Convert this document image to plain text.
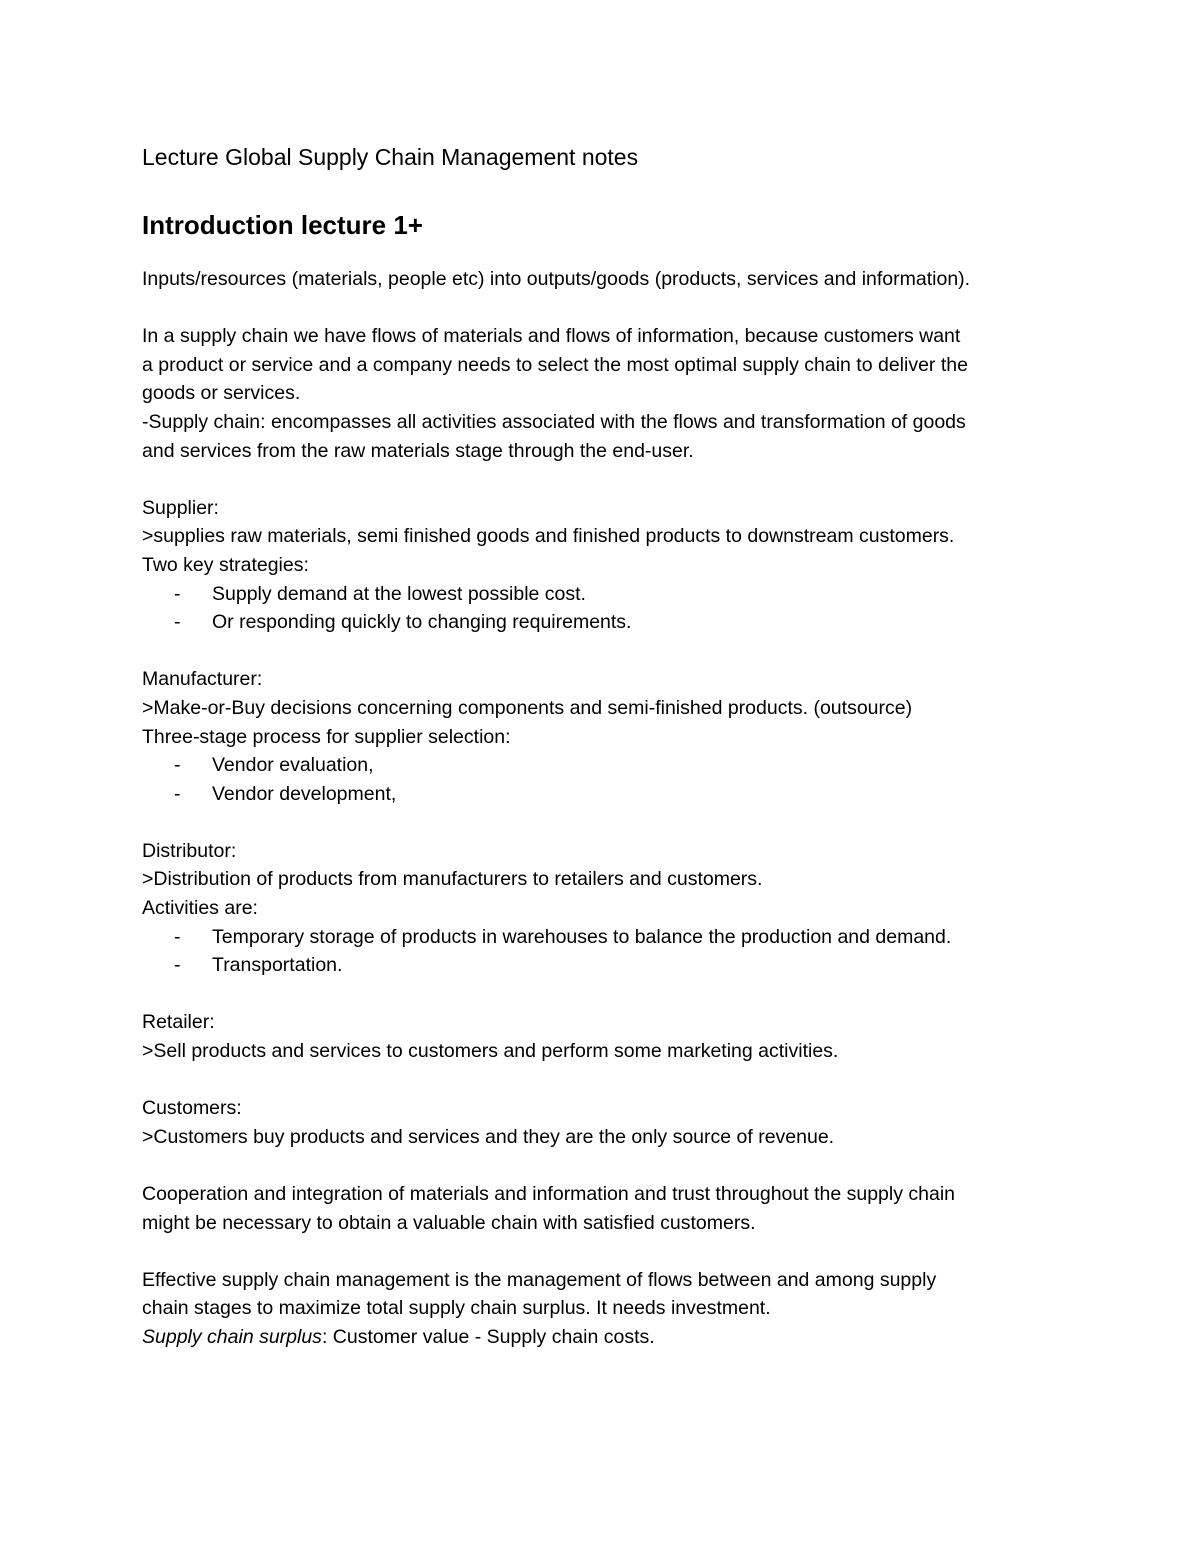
Lecture Global Supply Chain Management notes

Introduction lecture 1+

Inputs/resources (materials, people etc) into outputs/goods (products, services and information).

In a supply chain we have flows of materials and flows of information, because customers want

a product or service and a company needs to select the most optimal supply chain to deliver the

goods or services.

-Supply chain: encompasses all activities associated with the flows and transformation of goods

and services from the raw materials stage through the end-user.

Supplier:

>supplies raw materials, semi finished goods and finished products to downstream customers.

Two key strategies:

- Supply demand at the lowest possible cost.
- Or responding quickly to changing requirements.

Manufacturer:

>Make-or-Buy decisions concerning components and semi-finished products. (outsource)

Three-stage process for supplier selection:

- Vendor evaluation,
- Vendor development,

Distributor:

>Distribution of products from manufacturers to retailers and customers.

Activities are:

- Temporary storage of products in warehouses to balance the production and demand.
- Transportation.

Retailer:

>Sell products and services to customers and perform some marketing activities.

Customers:

>Customers buy products and services and they are the only source of revenue.

Cooperation and integration of materials and information and trust throughout the supply chain

might be necessary to obtain a valuable chain with satisfied customers.

Effective supply chain management is the management of flows between and among supply

chain stages to maximize total supply chain surplus. It needs investment.

Supply chain surplus: Customer value - Supply chain costs.
